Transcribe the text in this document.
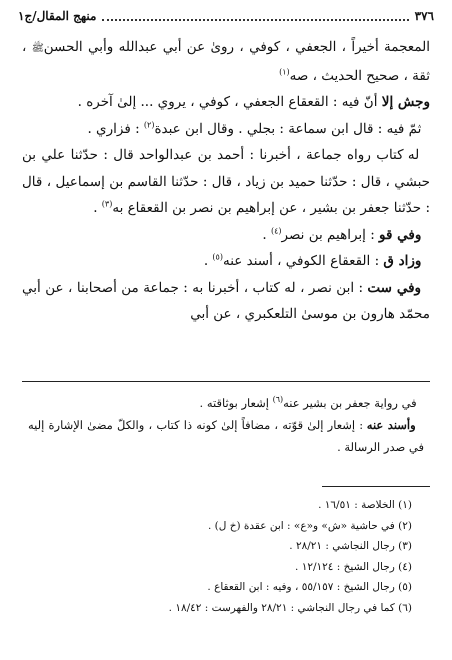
٣٧٦
منهج المقال/ج١

المعجمة أخيراً ، الجعفي ، كوفي ، روىٰ عن أبي عبدالله وأبي الحسنﷺ ، ثقة ، صحيح الحديث ، صه$^{(١)}$

وجش إلا أنّ فيه : القعقاع الجعفي ، كوفي ، يروي ... إلىٰ آخره .

ثمّ فيه : قال ابن سماعة : بجلي . وقال ابن عبدة$^{(٢)}$ : فزاري .

له كتاب رواه جماعة ، أخبرنا : أحمد بن عبدالواحد قال : حدّثنا علي بن حبشي ، قال : حدّثنا حميد بن زياد ، قال : حدّثنا القاسم بن إسماعيل ، قال : حدّثنا جعفر بن بشير ، عن إبراهيم بن نصر بن القعقاع به$^{(٣)}$ .

وفي قو : إبراهيم بن نصر$^{(٤)}$ .

وزاد ق : القعقاع الكوفي ، أسند عنه$^{(٥)}$ .

وفي ست : ابن نصر ، له كتاب ، أخبرنا به : جماعة من أصحابنا ، عن أبي محمّد هارون بن موسىٰ التلعكبري ، عن أبي

في رواية جعفر بن بشير عنه$^{(٦)}$ إشعار بوثاقته .

وأسند عنه : إشعار إلىٰ قوّته ، مضافاً إلىٰ كونه ذا كتاب ، والكلّ مضىٰ الإشارة إليه في صدر الرسالة .

(١) الخلاصة : ١٦/٥١ .
(٢) في حاشية «ش» و«ع» : ابن عقدة (خ ل) .
(٣) رجال النجاشي : ٢٨/٢١ .
(٤) رجال الشيخ : ١٢/١٢٤ .
(٥) رجال الشيخ : ٥٥/١٥٧ ، وفيه : ابن القعقاع .
(٦) كما في رجال النجاشي : ٢٨/٢١ والفهرست : ١٨/٤٢ .
